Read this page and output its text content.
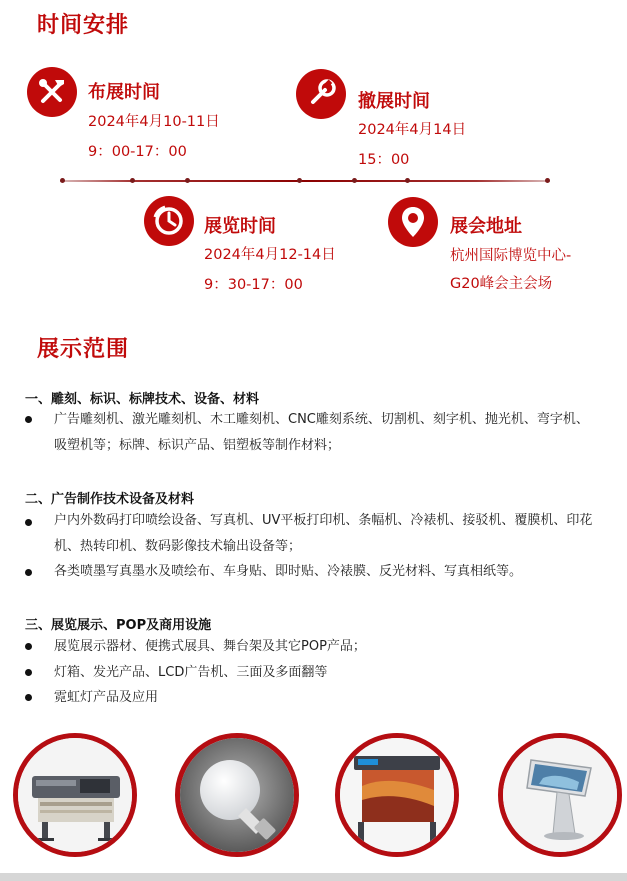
时间安排
布展时间
2024年4月10-11日
9：00-17：00
撤展时间
2024年4月14日
15：00
展览时间
2024年4月12-14日
9：30-17：00
展会地址
杭州国际博览中心-
G20峰会主会场
展示范围
一、雕刻、标识、标牌技术、设备、材料

广告雕刻机、激光雕刻机、木工雕刻机、CNC雕刻系统、切割机、刻字机、抛光机、弯字机、吸塑机等；标牌、标识产品、铝塑板等制作材料；

二、广告制作技术设备及材料

户内外数码打印喷绘设备、写真机、UV平板打印机、条幅机、冷裱机、接驳机、覆膜机、印花机、热转印机、数码影像技术输出设备等；

各类喷墨写真墨水及喷绘布、车身贴、即时贴、冷裱膜、反光材料、写真相纸等。

三、展览展示、POP及商用设施

展览展示器材、便携式展具、舞台架及其它POP产品；

灯箱、发光产品、LCD广告机、三面及多面翻等

霓虹灯产品及应用
